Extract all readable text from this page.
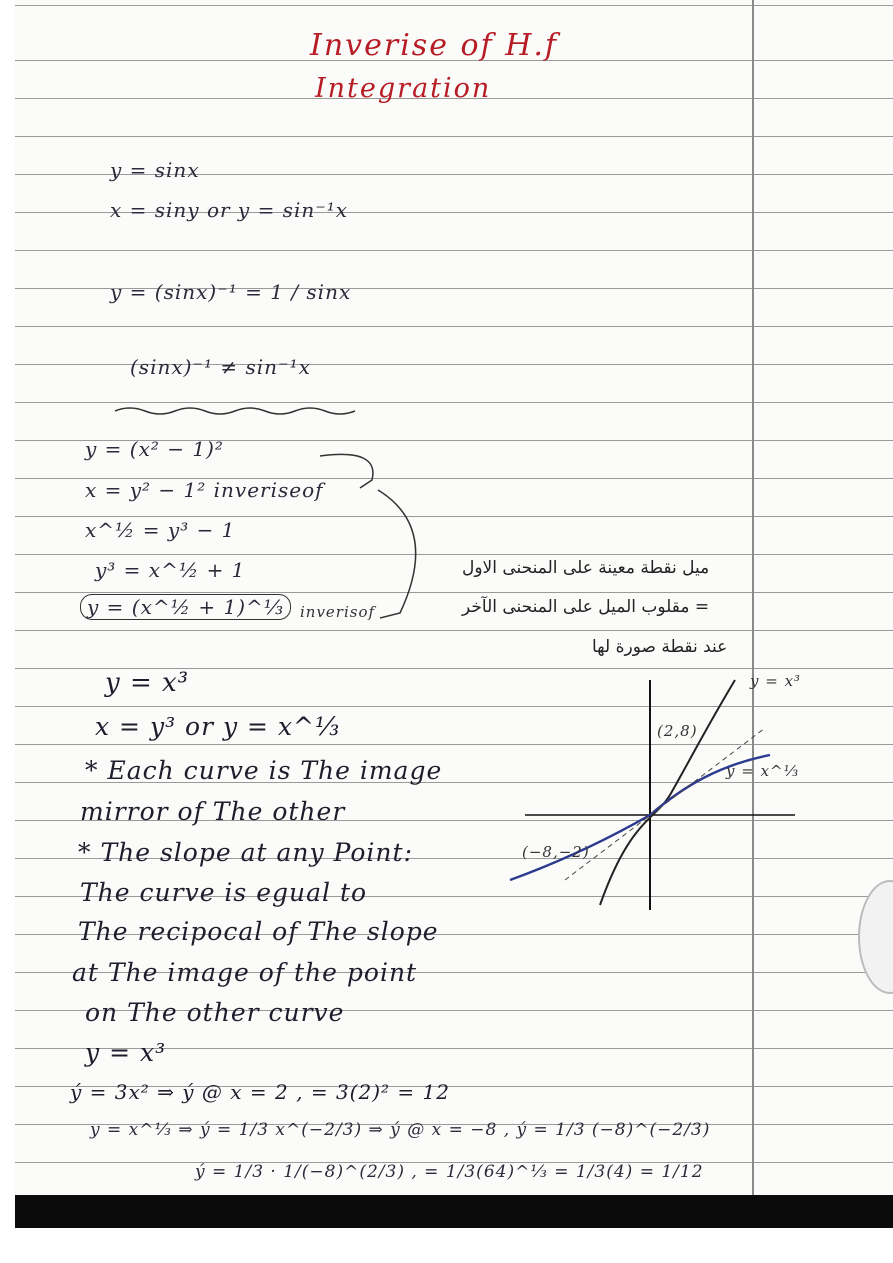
Inverise of H.f
Integration
y = sinx
x = siny or y = sin⁻¹x
y = (sinx)⁻¹ = 1 / sinx
(sinx)⁻¹ ≠ sin⁻¹x
y = (x² − 1)²
x = y² − 1² inveriseof
x^½ = y³ − 1
y³ = x^½ + 1
y = (x^½ + 1)^⅓	inverisof
ميل نقطة معينة على المنحنى الاول
= مقلوب الميل على المنحنى الآخر
عند نقطة صورة لها
y = x³
x = y³ or y = x^⅓
* Each curve is The image
mirror of The other
* The slope at any Point:
The curve is egual to
The recipocal of The slope
at The image of the point
on The other curve
y = x³
ý = 3x² ⇒ ý @ x = 2 , = 3(2)² = 12
y = x^⅓ ⇒ ý = 1/3 x^(−2/3) ⇒ ý @ x = −8 , ý = 1/3 (−8)^(−2/3)
ý = 1/3 · 1/(−8)^(2/3) , = 1/3(64)^⅓ = 1/3(4) = 1/12
y = x³
y = x^⅓
(2,8)
(−8,−2)
